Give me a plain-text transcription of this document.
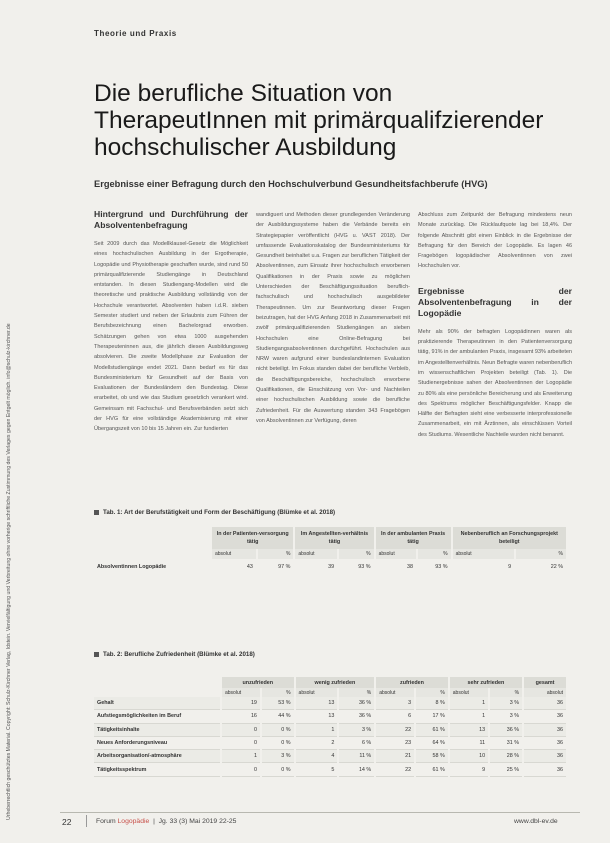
Urheberrechtlich geschütztes Material. Copyright: Schulz-Kirchner Verlag, Idstein. Vervielfältigung und Verbreitung ohne vorherige schriftliche Zustimmung des Verlages gegen Entgelt möglich. info@schulz-kirchner.de
Theorie und Praxis
Die berufliche Situation von TherapeutInnen mit primärqualifzierender hochschulischer Ausbildung
Ergebnisse einer Befragung durch den Hochschulverbund Gesundheitsfachberufe (HVG)
Hintergrund und Durchführung der Absolventenbefragung

Seit 2009 durch das Modellklausel-Gesetz die Möglichkeit eines hochschulischen Ausbildung in der Ergotherapie, Logopädie und Physiotherapie geschaffen wurde, sind rund 50 primärqualifizierende Studiengänge in Deutschland entstanden. In diesen Studiengang-Modellen wird die theoretische und praktische Ausbildung vollständig von der Hochschule verantwortet. Absolventen haben i.d.R. sieben Semester studiert und neben der Erlaubnis zum Führen der Berufsbezeichnung einen Bachelorgrad erworben. Schätzungen gehen von etwa 1000 ausgehenden Therapeuteninnen aus, die jährlich diesen Ausbildungsweg absolvieren. Die zweite Modellphase zur Evaluation der Modellstudiengänge endet 2021. Dann bedarf es für das Bundesministerium für Gesundheit auf der Basis von Evaluationen der Bundesländern den Bundestag. Diese erarbeitet, ob und wie das Studium gesetzlich verankert wird. Gemeinsam mit Fachschul- und Berufsverbänden setzt sich der HVG für eine vollständige Akademisierung mit einer Übergangszeit von 10 bis 15 Jahren ein. Zur fundierten

wandiguert und Methoden dieser grundlegenden Veränderung der Ausbildungssysteme haben die Verbände bereits ein Strategiepapier veröffentlicht (HVG u. VAST 2018). Der umfassende Evaluationskatalog der Bundesministeriums für Gesundheit beinhaltet u.a. Fragen zur beruflichen Tätigkeit der Absolventinnen, zum Einsatz ihrer hochschulisch erworbenen Qualifikationen in der Praxis sowie zu möglichen Unterschieden der Beschäftigungssituation beruflich-fachschulisch und hochschulisch ausgebildeter Therapeutinnen. Um zur Beantwortung dieser Fragen beizutragen, hat der HVG Anfang 2018 in Zusammenarbeit mit zwölf primärqualifizierenden Studiengängen an sieben Hochschulen eine Online-Befragung bei Studiengangsabsolventinnen durchgeführt. Hochschulen aus NRW waren aufgrund einer bundeslandinternen Evaluation nicht beteiligt. Im Fokus standen dabei der berufliche Verbleib, die Beschäftigungsbereiche, hochschulisch erworbene Qualifikationen, die Einschätzung von Vor- und Nachteilen einer hochschulischen Ausbildung sowie die berufliche Zufriedenheit. Für die Auswertung standen 343 Fragebögen von Absolventinnen zur Verfügung, deren

Abschluss zum Zeitpunkt der Befragung mindestens neun Monate zurücklag. Die Rücklaufquote lag bei 18,4%. Der folgende Abschnitt gibt einen Einblick in die Ergebnisse der Befragung für den Bereich der Logopädie. Es lagen 46 Fragebögen logopädischer Absolventinnen von zwei Hochschulen vor.

Ergebnisse der Absolventenbefragung in der Logopädie

Mehr als 90% der befragten Logopädinnen waren als praktizierende Therapeutinnen in den Patientenversorgung tätig, 91% in der ambulanten Praxis, insgesamt 93% arbeiteten im Angestelltenverhältnis. Neun Befragte waren nebenberuflich im wissenschaftlichen Projekten beteiligt (Tab. 1). Die Studienergebnisse sahen der Absolventinnen der Logopädie zu 80% als eine persönliche Bereicherung und als Erweiterung des Spektrums möglicher Beschäftigungsfelder. Knapp die Hälfte der Befragten sieht eine verbesserte interprofessionelle Zusammenarbeit, ein mit Ärztinnen, als einschlüssen Vorteil des Studiums. Wesentliche Nachteile wurden nicht benannt.

Tab. 1: Art der Berufstätigkeit und Form der Beschäftigung (Blümke et al. 2018)
	In der Patienten-versorgung tätig		Im Angestellten-verhältnis tätig		In der ambulanten Praxis tätig		Nebenberuflich an Forschungsprojekt beteiligt	
	absolut	%	absolut	%	absolut	%	absolut	%
Absolventinnen Logopädie	43	97 %	39	93 %	38	93 %	9	22 %
Tab. 2: Berufliche Zufriedenheit (Blümke et al. 2018)
	unzufrieden		wenig zufrieden		zufrieden		sehr zufrieden		gesamt
	absolut	%	absolut	%	absolut	%	absolut	%	absolut
Gehalt	19	53 %	13	36 %	3	8 %	1	3 %	36
Aufstiegsmöglichkeiten im Beruf	16	44 %	13	36 %	6	17 %	1	3 %	36
Tätigkeitsinhalte	0	0 %	1	3 %	22	61 %	13	36 %	36
Neues Anforderungsniveau	0	0 %	2	6 %	23	64 %	11	31 %	36
Arbeitsorganisation/-atmosphäre	1	3 %	4	11 %	21	58 %	10	28 %	36
Tätigkeitsspektrum	0	0 %	5	14 %	22	61 %	9	25 %	36
22	Forum Logopädie  |  Jg. 33 (3) Mai 2019 22-25	www.dbl-ev.de
